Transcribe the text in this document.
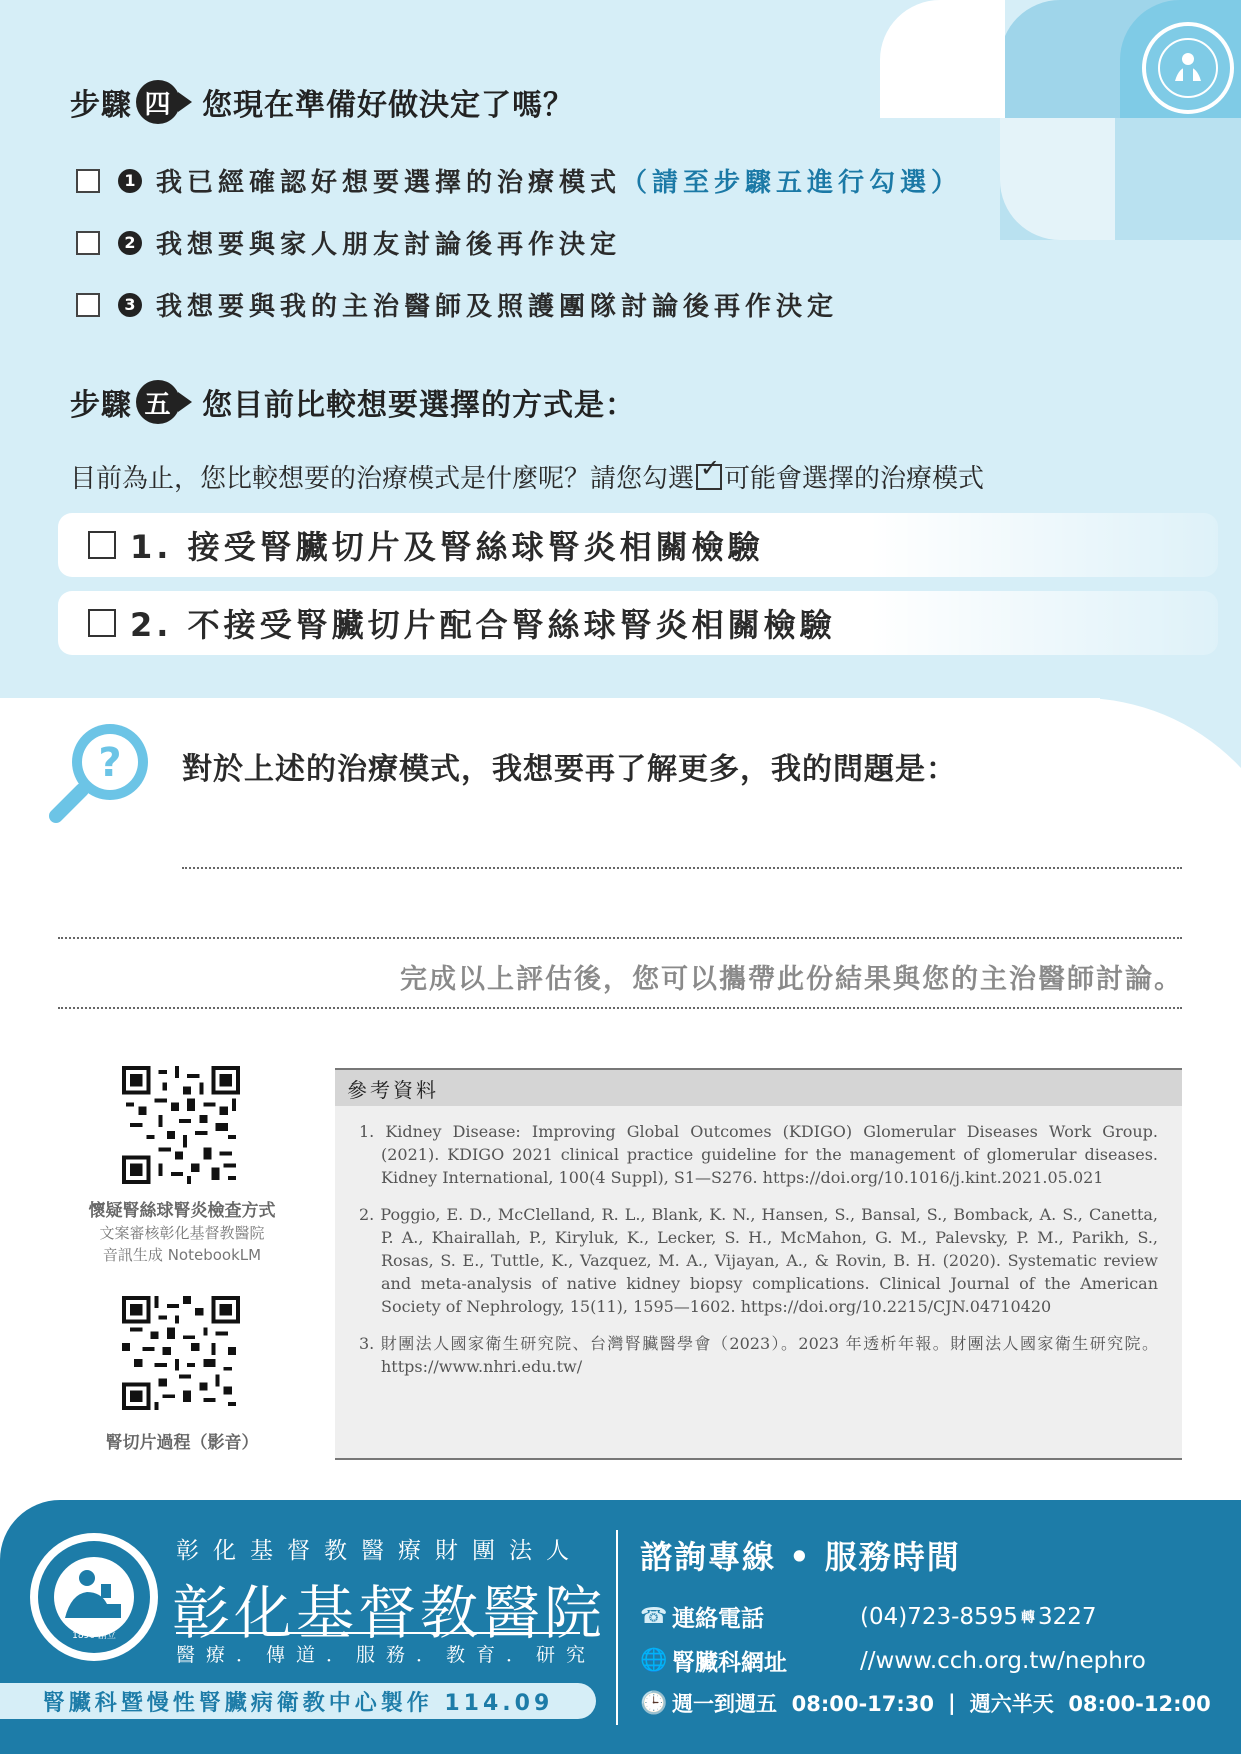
步驟 四 您現在準備好做決定了嗎？
1 我已經確認好想要選擇的治療模式 （請至步驟五進行勾選）
2 我想要與家人朋友討論後再作決定
3 我想要與我的主治醫師及照護團隊討論後再作決定
步驟 五 您目前比較想要選擇的方式是：
目前為止，您比較想要的治療模式是什麼呢？請您勾選 ✓ 可能會選擇的治療模式
1. 接受腎臟切片及腎絲球腎炎相關檢驗
2. 不接受腎臟切片配合腎絲球腎炎相關檢驗
? 對於上述的治療模式，我想要再了解更多，我的問題是：
完成以上評估後，您可以攜帶此份結果與您的主治醫師討論。
懷疑腎絲球腎炎檢查方式
文案審核彰化基督教醫院
音訊生成 NotebookLM
腎切片過程（影音）
參考資料
1. Kidney Disease: Improving Global Outcomes (KDIGO) Glomerular Diseases Work Group. (2021). KDIGO 2021 clinical practice guideline for the management of glomerular diseases. Kidney International, 100(4 Suppl), S1—S276. https://doi.org/10.1016/j.kint.2021.05.021
2. Poggio, E. D., McClelland, R. L., Blank, K. N., Hansen, S., Bansal, S., Bomback, A. S., Canetta, P. A., Khairallah, P., Kiryluk, K., Lecker, S. H., McMahon, G. M., Palevsky, P. M., Parikh, S., Rosas, S. E., Tuttle, K., Vazquez, M. A., Vijayan, A., & Rovin, B. H. (2020). Systematic review and meta-analysis of native kidney biopsy complications. Clinical Journal of the American Society of Nephrology, 15(11), 1595—1602. https://doi.org/10.2215/CJN.04710420
3. 財團法人國家衛生研究院、台灣腎臟醫學會（2023）。2023 年透析年報。財團法人國家衛生研究院。https://www.nhri.edu.tw/
1896 創立
彰化基督教醫療財團法人
彰化基督教醫院
醫療．傳道．服務．教育．研究
腎臟科暨慢性腎臟病衛教中心製作 114.09
諮詢專線 • 服務時間
☎ 連絡電話	(04)723-8595 轉 3227
🌐 腎臟科網址	//www.cch.org.tw/nephro
🕒 週一到週五  08:00-17:30 | 週六半天  08:00-12:00
